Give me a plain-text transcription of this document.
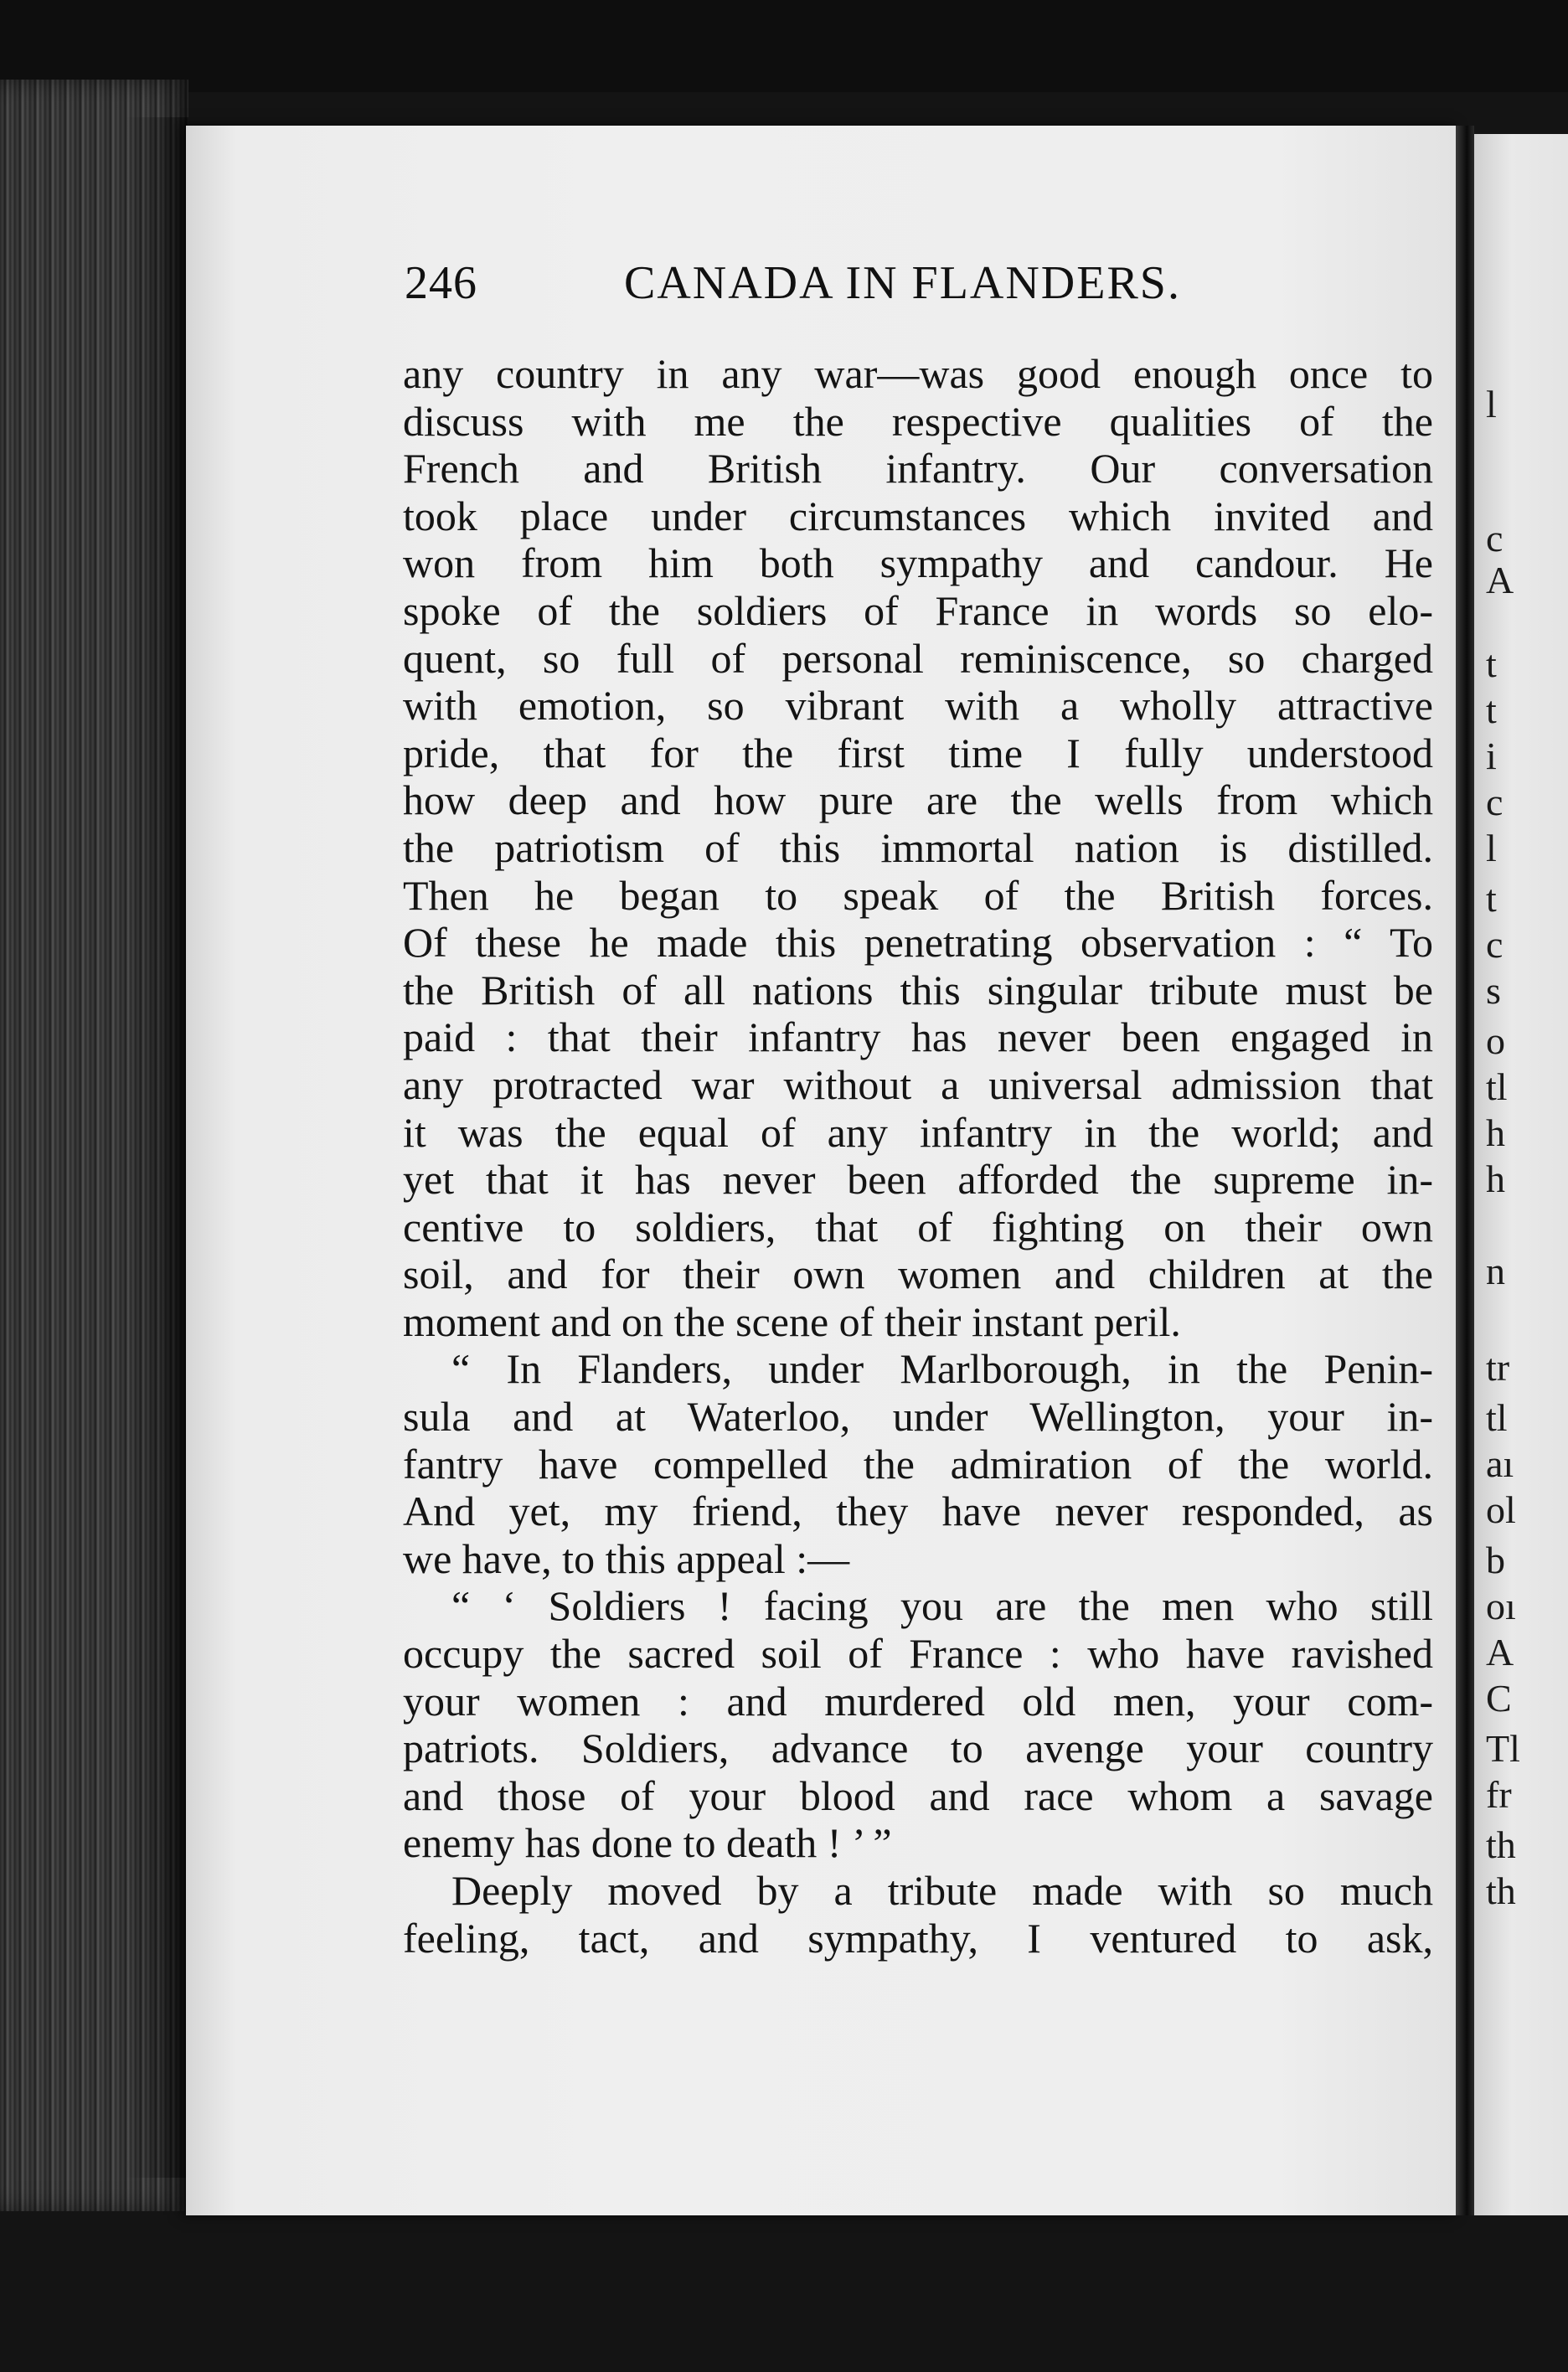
l
c
A
t
t
i
c
l
t
c
s
o
tl
h
h
n
tr
tl
aı
ol
b
oı
A
C
Tl
fr
th
th
246	CANADA IN FLANDERS.
any country in any war—was good enough once to
discuss with me the respective qualities of the
French and British infantry. Our conversation
took place under circumstances which invited and
won from him both sympathy and candour. He
spoke of the soldiers of France in words so elo-
quent, so full of personal reminiscence, so charged
with emotion, so vibrant with a wholly attractive
pride, that for the first time I fully understood
how deep and how pure are the wells from which
the patriotism of this immortal nation is distilled.
Then he began to speak of the British forces.
Of these he made this penetrating observation : “ To
the British of all nations this singular tribute must be
paid : that their infantry has never been engaged in
any protracted war without a universal admission that
it was the equal of any infantry in the world; and
yet that it has never been afforded the supreme in-
centive to soldiers, that of fighting on their own
soil, and for their own women and children at the
moment and on the scene of their instant peril.
“ In Flanders, under Marlborough, in the Penin-
sula and at Waterloo, under Wellington, your in-
fantry have compelled the admiration of the world.
And yet, my friend, they have never responded, as
we have, to this appeal :—
“ ‘ Soldiers ! facing you are the men who still
occupy the sacred soil of France : who have ravished
your women : and murdered old men, your com-
patriots. Soldiers, advance to avenge your country
and those of your blood and race whom a savage
enemy has done to death ! ’ ”
Deeply moved by a tribute made with so much
feeling, tact, and sympathy, I ventured to ask,
